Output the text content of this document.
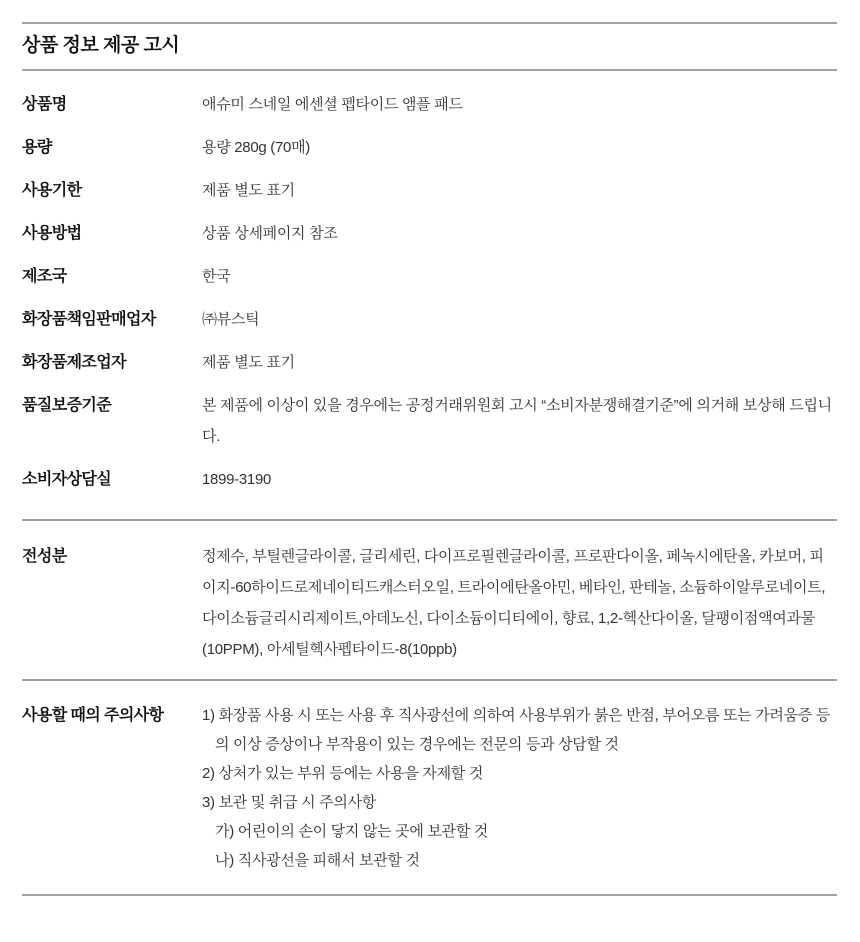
상품 정보 제공 고시
상품명	애슈미 스네일 에센셜 펩타이드 앰플 패드
용량	용량 280g (70매)
사용기한	제품 별도 표기
사용방법	상품 상세페이지 참조
제조국	한국
화장품책임판매업자	㈜뷰스틱
화장품제조업자	제품 별도 표기
품질보증기준	본 제품에 이상이 있을 경우에는 공정거래위원회 고시 “소비자분쟁해결기준”에 의거해 보상해 드립니다.
소비자상담실	1899-3190
전성분	정제수, 부틸렌글라이콜, 글리세린, 다이프로필렌글라이콜, 프로판다이올, 페녹시에탄올, 카보머, 피이지-60하이드로제네이티드캐스터오일, 트라이에탄올아민, 베타인, 판테놀, 소듐하이알루로네이트, 다이소듐글리시리제이트,아데노신, 다이소듐이디티에이, 향료, 1,2-헥산다이올, 달팽이점액여과물(10PPM), 아세틸헥사펩타이드-8(10ppb)
사용할 때의 주의사항	1) 화장품 사용 시 또는 사용 후 직사광선에 의하여 사용부위가 붉은 반점, 부어오름 또는 가려움증 등의 이상 증상이나 부작용이 있는 경우에는 전문의 등과 상담할 것
2) 상처가 있는 부위 등에는 사용을 자제할 것
3) 보관 및 취급 시 주의사항
가) 어린이의 손이 닿지 않는 곳에 보관할 것
나) 직사광선을 피해서 보관할 것
